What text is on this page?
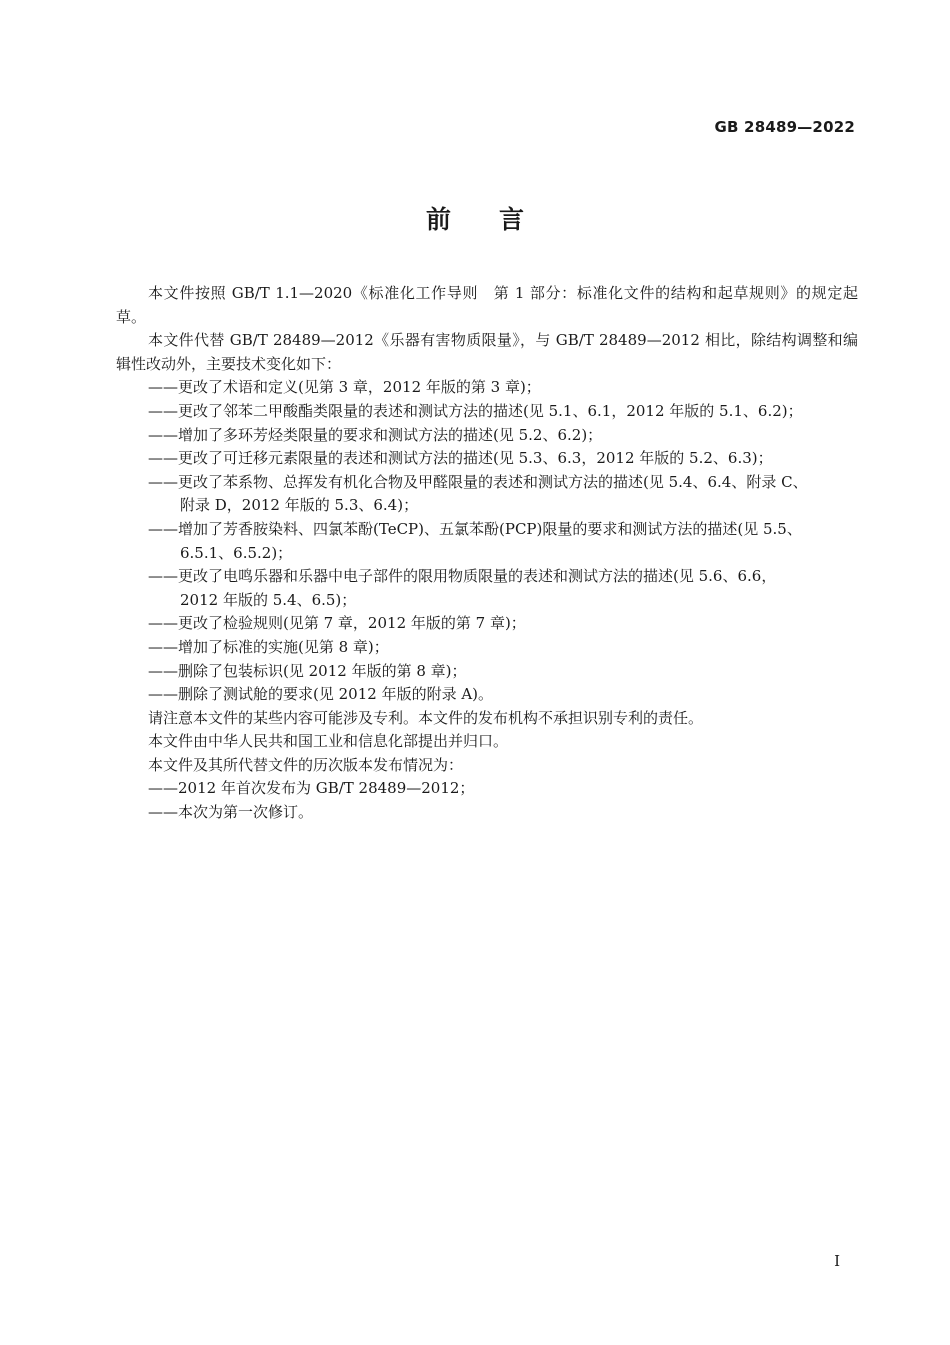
GB 28489—2022
前言

本文件按照 GB/T 1.1—2020《标准化工作导则　第 1 部分：标准化文件的结构和起草规则》的规定起草。

本文件代替 GB/T 28489—2012《乐器有害物质限量》，与 GB/T 28489—2012 相比，除结构调整和编辑性改动外，主要技术变化如下：

——更改了术语和定义(见第 3 章，2012 年版的第 3 章)；

——更改了邻苯二甲酸酯类限量的表述和测试方法的描述(见 5.1、6.1，2012 年版的 5.1、6.2)；

——增加了多环芳烃类限量的要求和测试方法的描述(见 5.2、6.2)；

——更改了可迁移元素限量的表述和测试方法的描述(见 5.3、6.3，2012 年版的 5.2、6.3)；

——更改了苯系物、总挥发有机化合物及甲醛限量的表述和测试方法的描述(见 5.4、6.4、附录 C、
附录 D，2012 年版的 5.3、6.4)；

——增加了芳香胺染料、四氯苯酚(TeCP)、五氯苯酚(PCP)限量的要求和测试方法的描述(见 5.5、
6.5.1、6.5.2)；

——更改了电鸣乐器和乐器中电子部件的限用物质限量的表述和测试方法的描述(见 5.6、6.6，
2012 年版的 5.4、6.5)；

——更改了检验规则(见第 7 章，2012 年版的第 7 章)；

——增加了标准的实施(见第 8 章)；

——删除了包装标识(见 2012 年版的第 8 章)；

——删除了测试舱的要求(见 2012 年版的附录 A)。

请注意本文件的某些内容可能涉及专利。本文件的发布机构不承担识别专利的责任。

本文件由中华人民共和国工业和信息化部提出并归口。

本文件及其所代替文件的历次版本发布情况为：

——2012 年首次发布为 GB/T 28489—2012；

——本次为第一次修订。

I
